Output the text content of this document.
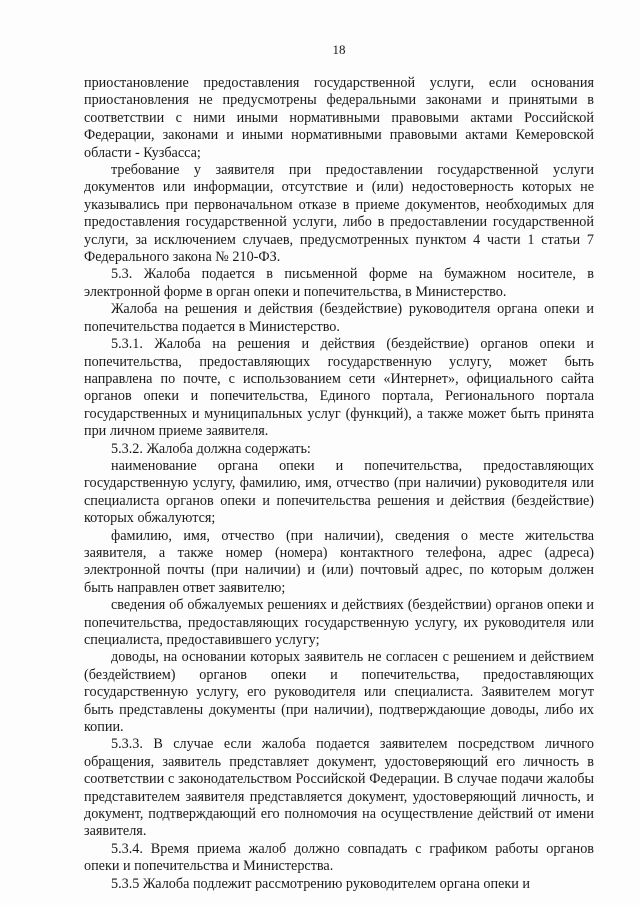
18

приостановление предоставления государственной услуги, если основания приостановления не предусмотрены федеральными законами и принятыми в соответствии с ними иными нормативными правовыми актами Российской Федерации, законами и иными нормативными правовыми актами Кемеровской области - Кузбасса;

требование у заявителя при предоставлении государственной услуги документов или информации, отсутствие и (или) недостоверность которых не указывались при первоначальном отказе в приеме документов, необходимых для предоставления государственной услуги, либо в предоставлении государственной услуги, за исключением случаев, предусмотренных пунктом 4 части 1 статьи 7 Федерального закона № 210-ФЗ.

5.3. Жалоба подается в письменной форме на бумажном носителе, в электронной форме в орган опеки и попечительства, в Министерство.

Жалоба на решения и действия (бездействие) руководителя органа опеки и попечительства подается в Министерство.

5.3.1. Жалоба на решения и действия (бездействие) органов опеки и попечительства, предоставляющих государственную услугу, может быть направлена по почте, с использованием сети «Интернет», официального сайта органов опеки и попечительства, Единого портала, Регионального портала государственных и муниципальных услуг (функций), а также может быть принята при личном приеме заявителя.

5.3.2. Жалоба должна содержать:

наименование органа опеки и попечительства, предоставляющих государственную услугу, фамилию, имя, отчество (при наличии) руководителя или специалиста органов опеки и попечительства решения и действия (бездействие) которых обжалуются;

фамилию, имя, отчество (при наличии), сведения о месте жительства заявителя, а также номер (номера) контактного телефона, адрес (адреса) электронной почты (при наличии) и (или) почтовый адрес, по которым должен быть направлен ответ заявителю;

сведения об обжалуемых решениях и действиях (бездействии) органов опеки и попечительства, предоставляющих государственную услугу, их руководителя или специалиста, предоставившего услугу;

доводы, на основании которых заявитель не согласен с решением и действием (бездействием) органов опеки и попечительства, предоставляющих государственную услугу, его руководителя или специалиста. Заявителем могут быть представлены документы (при наличии), подтверждающие доводы, либо их копии.

5.3.3. В случае если жалоба подается заявителем посредством личного обращения, заявитель представляет документ, удостоверяющий его личность в соответствии с законодательством Российской Федерации. В случае подачи жалобы представителем заявителя представляется документ, удостоверяющий личность, и документ, подтверждающий его полномочия на осуществление действий от имени заявителя.

5.3.4. Время приема жалоб должно совпадать с графиком работы органов опеки и попечительства и Министерства.

5.3.5 Жалоба подлежит рассмотрению руководителем органа опеки и
